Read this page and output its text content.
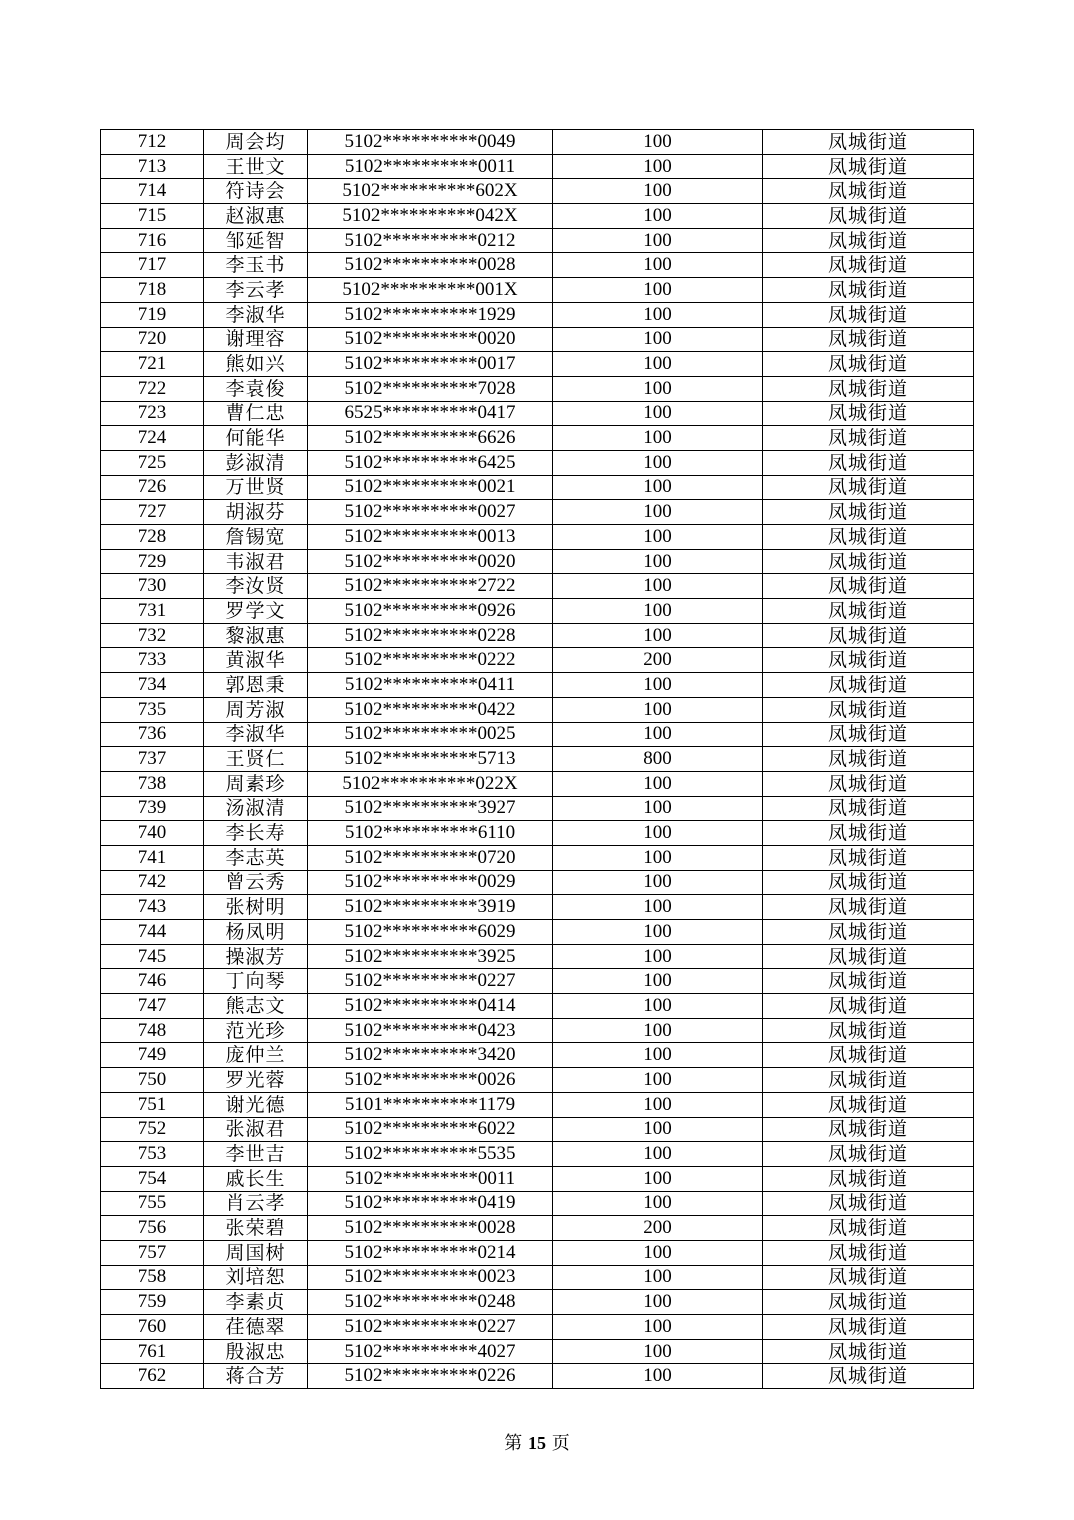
712	周会均	5102**********0049	100	凤城街道
713	王世文	5102**********0011	100	凤城街道
714	符诗会	5102**********602X	100	凤城街道
715	赵淑惠	5102**********042X	100	凤城街道
716	邹延智	5102**********0212	100	凤城街道
717	李玉书	5102**********0028	100	凤城街道
718	李云孝	5102**********001X	100	凤城街道
719	李淑华	5102**********1929	100	凤城街道
720	谢理容	5102**********0020	100	凤城街道
721	熊如兴	5102**********0017	100	凤城街道
722	李袁俊	5102**********7028	100	凤城街道
723	曹仁忠	6525**********0417	100	凤城街道
724	何能华	5102**********6626	100	凤城街道
725	彭淑清	5102**********6425	100	凤城街道
726	万世贤	5102**********0021	100	凤城街道
727	胡淑芬	5102**********0027	100	凤城街道
728	詹锡宽	5102**********0013	100	凤城街道
729	韦淑君	5102**********0020	100	凤城街道
730	李汝贤	5102**********2722	100	凤城街道
731	罗学文	5102**********0926	100	凤城街道
732	黎淑惠	5102**********0228	100	凤城街道
733	黄淑华	5102**********0222	200	凤城街道
734	郭恩秉	5102**********0411	100	凤城街道
735	周芳淑	5102**********0422	100	凤城街道
736	李淑华	5102**********0025	100	凤城街道
737	王贤仁	5102**********5713	800	凤城街道
738	周素珍	5102**********022X	100	凤城街道
739	汤淑清	5102**********3927	100	凤城街道
740	李长寿	5102**********6110	100	凤城街道
741	李志英	5102**********0720	100	凤城街道
742	曾云秀	5102**********0029	100	凤城街道
743	张树明	5102**********3919	100	凤城街道
744	杨凤明	5102**********6029	100	凤城街道
745	操淑芳	5102**********3925	100	凤城街道
746	丁向琴	5102**********0227	100	凤城街道
747	熊志文	5102**********0414	100	凤城街道
748	范光珍	5102**********0423	100	凤城街道
749	庞仲兰	5102**********3420	100	凤城街道
750	罗光蓉	5102**********0026	100	凤城街道
751	谢光德	5101**********1179	100	凤城街道
752	张淑君	5102**********6022	100	凤城街道
753	李世吉	5102**********5535	100	凤城街道
754	戚长生	5102**********0011	100	凤城街道
755	肖云孝	5102**********0419	100	凤城街道
756	张荣碧	5102**********0028	200	凤城街道
757	周国树	5102**********0214	100	凤城街道
758	刘培恕	5102**********0023	100	凤城街道
759	李素贞	5102**********0248	100	凤城街道
760	荏德翠	5102**********0227	100	凤城街道
761	殷淑忠	5102**********4027	100	凤城街道
762	蒋合芳	5102**********0226	100	凤城街道
第 15 页
